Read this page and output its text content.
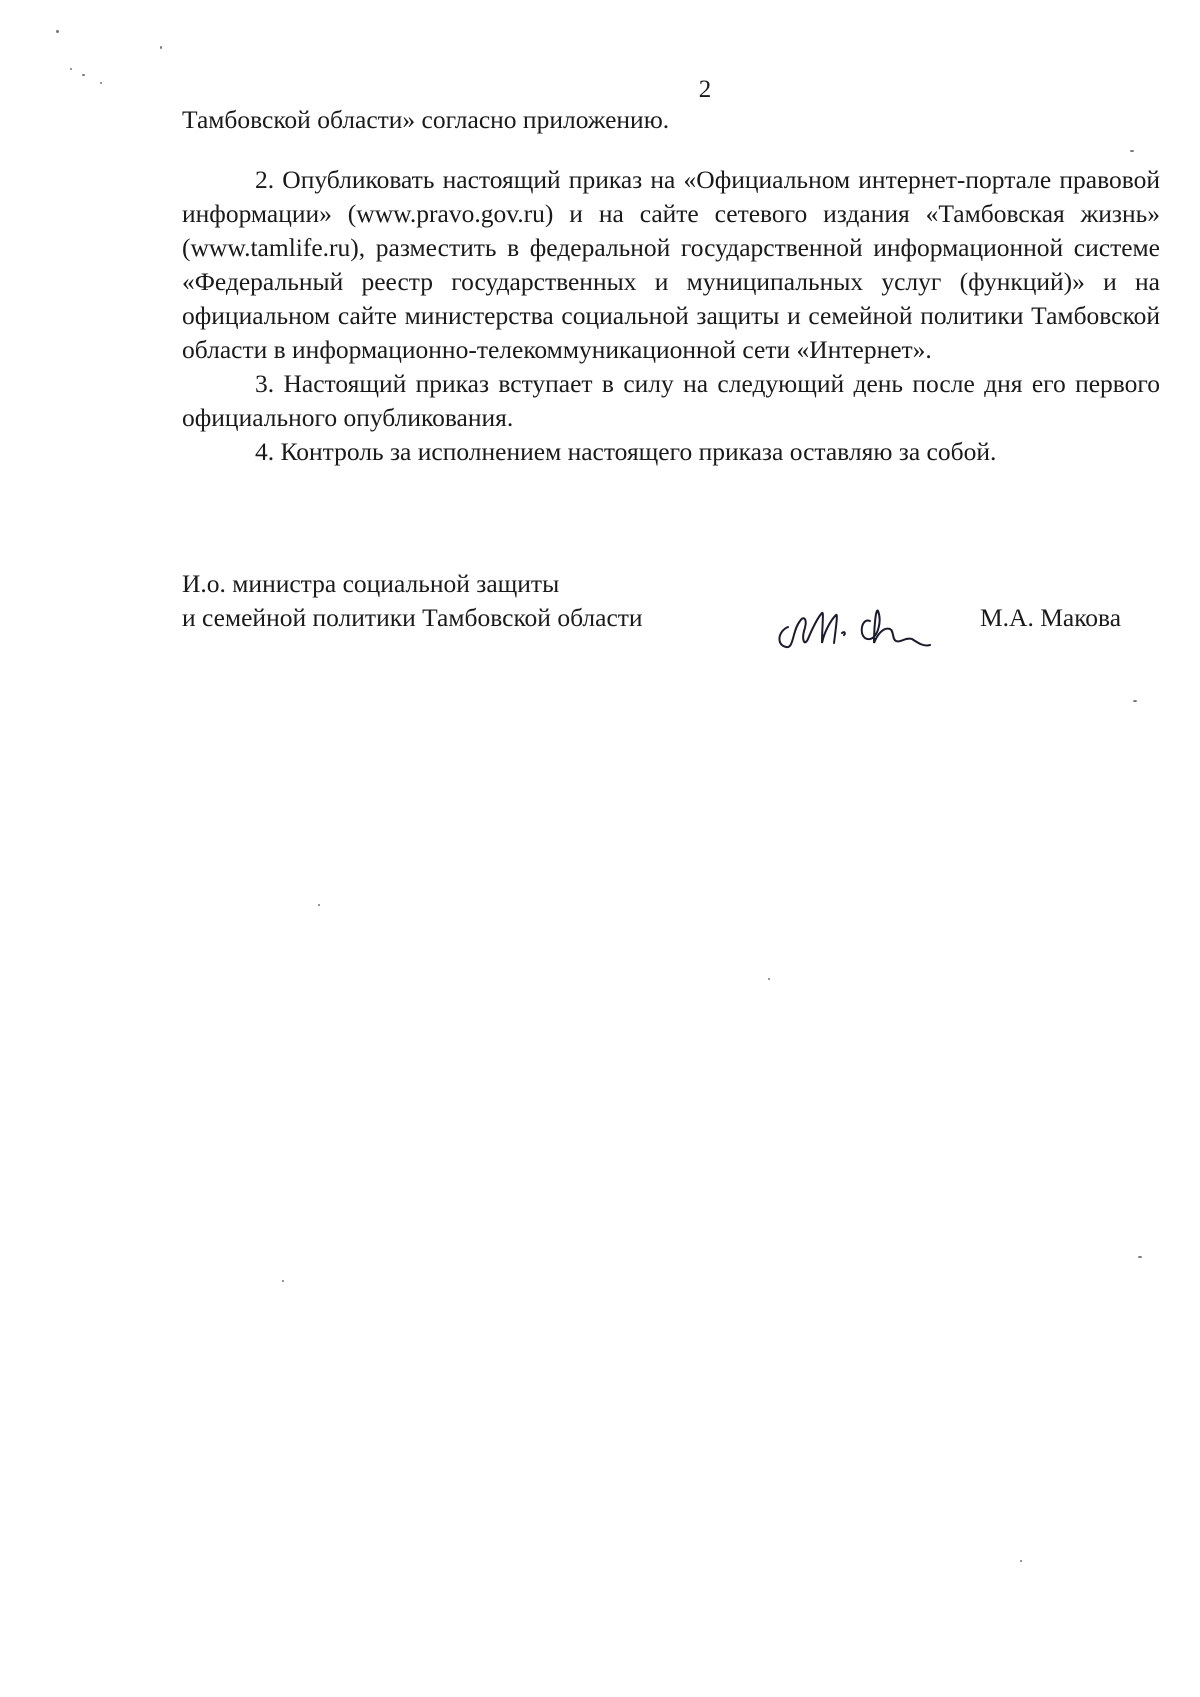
2
Тамбовской области» согласно приложению.

2. Опубликовать настоящий приказ на «Официальном интернет-портале правовой информации» (www.pravo.gov.ru) и на сайте сетевого издания «Тамбовская жизнь» (www.tamlife.ru), разместить в федеральной государственной информационной системе «Федеральный реестр государственных и муниципальных услуг (функций)» и на официальном сайте министерства социальной защиты и семейной политики Тамбовской области в информационно-телекоммуникационной сети «Интернет».

3. Настоящий приказ вступает в силу на следующий день после дня его первого официального опубликования.

4. Контроль за исполнением настоящего приказа оставляю за собой.

И.о. министра социальной защиты
и семейной политики Тамбовской области	М.А. Макова
